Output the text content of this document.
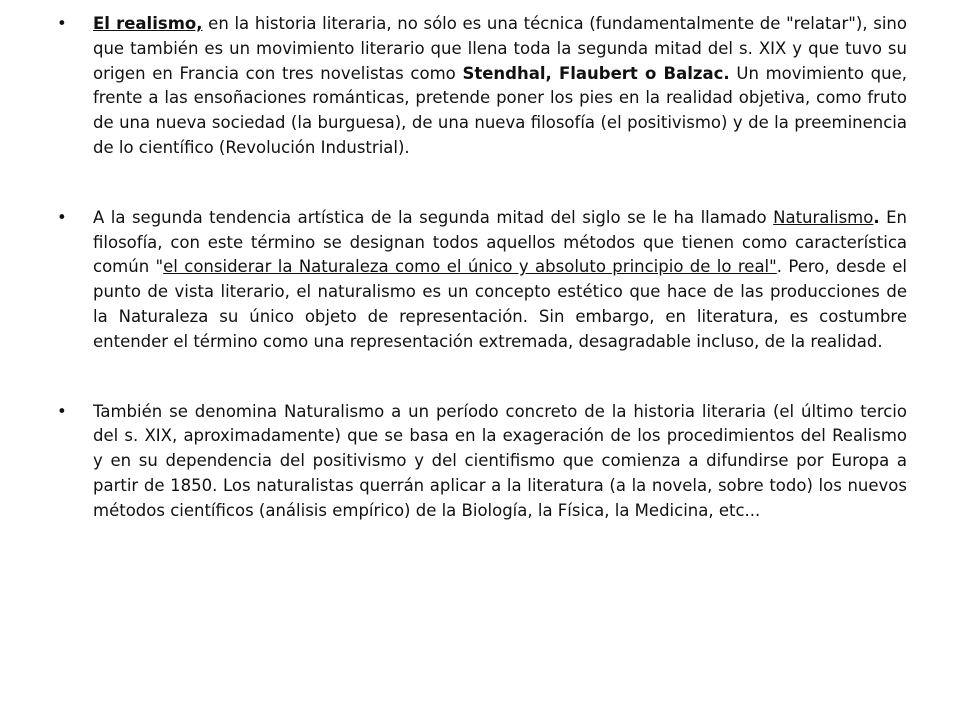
• El realismo, en la historia literaria, no sólo es una técnica (fundamentalmente de "relatar"), sino que también es un movimiento literario que llena toda la segunda mitad del s. XIX y que tuvo su origen en Francia con tres novelistas como Stendhal, Flaubert o Balzac. Un movimiento que, frente a las ensoñaciones románticas, pretende poner los pies en la realidad objetiva, como fruto de una nueva sociedad (la burguesa), de una nueva filosofía (el positivismo) y de la preeminencia de lo científico (Revolución Industrial).
• A la segunda tendencia artística de la segunda mitad del siglo se le ha llamado Naturalismo. En filosofía, con este término se designan todos aquellos métodos que tienen como característica común "el considerar la Naturaleza como el único y absoluto principio de lo real". Pero, desde el punto de vista literario, el naturalismo es un concepto estético que hace de las producciones de la Naturaleza su único objeto de representación. Sin embargo, en literatura, es costumbre entender el término como una representación extremada, desagradable incluso, de la realidad.
• También se denomina Naturalismo a un período concreto de la historia literaria (el último tercio del s. XIX, aproximadamente) que se basa en la exageración de los procedimientos del Realismo y en su dependencia del positivismo y del cientifismo que comienza a difundirse por Europa a partir de 1850. Los naturalistas querrán aplicar a la literatura (a la novela, sobre todo) los nuevos métodos científicos (análisis empírico) de la Biología, la Física, la Medicina, etc...
